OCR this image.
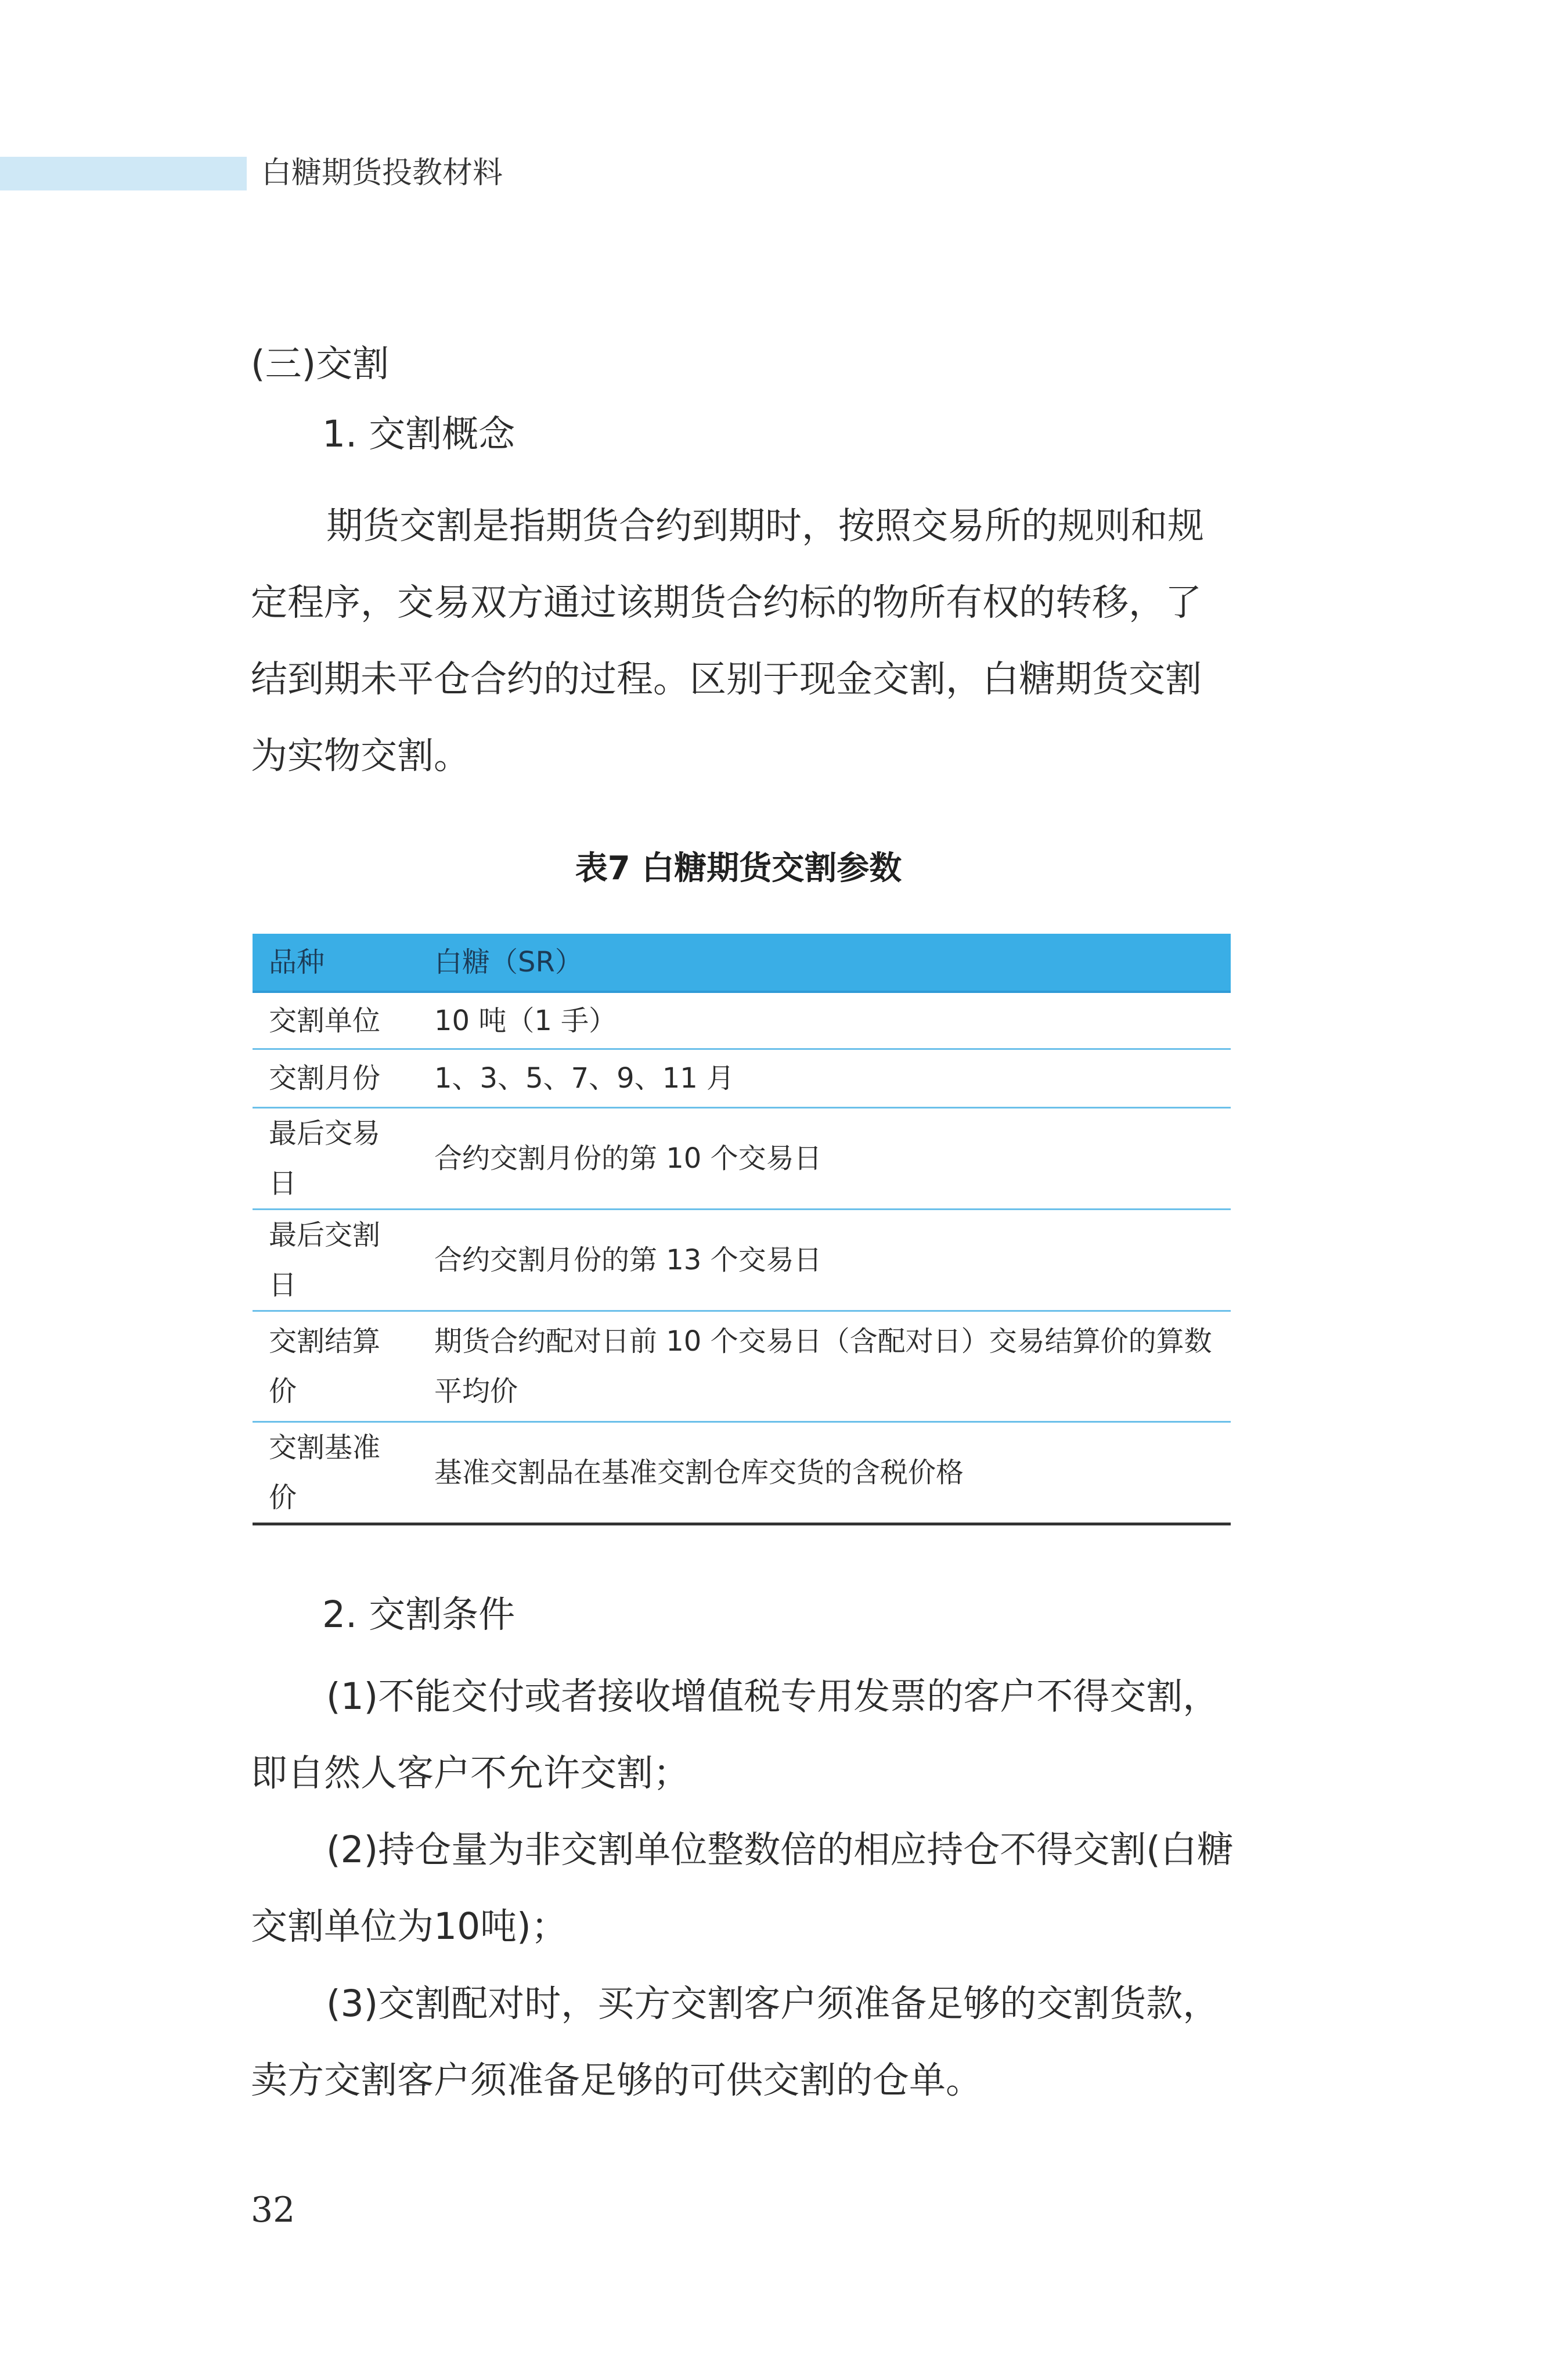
白糖期货投教材料
(三)交割
1. 交割概念

期货交割是指期货合约到期时，按照交易所的规则和规
定程序，交易双方通过该期货合约标的物所有权的转移，了
结到期未平仓合约的过程。区别于现金交割，白糖期货交割
为实物交割。

表7 白糖期货交割参数

品种	白糖（SR）
交割单位	10 吨（1 手）
交割月份	1、3、5、7、9、11 月
最后交易日	合约交割月份的第 10 个交易日
最后交割日	合约交割月份的第 13 个交易日
交割结算价	期货合约配对日前 10 个交易日（含配对日）交易结算价的算数平均价
交割基准价	基准交割品在基准交割仓库交货的含税价格
2. 交割条件

(1)不能交付或者接收增值税专用发票的客户不得交割，
即自然人客户不允许交割；

(2)持仓量为非交割单位整数倍的相应持仓不得交割(白糖
交割单位为10吨)；

(3)交割配对时，买方交割客户须准备足够的交割货款，
卖方交割客户须准备足够的可供交割的仓单。

32
